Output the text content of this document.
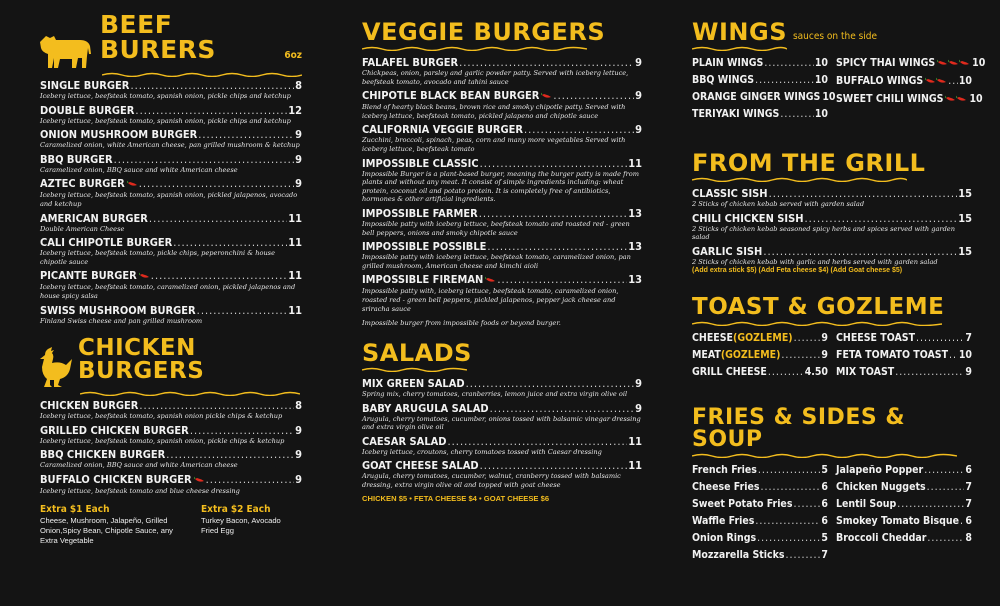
BEEF BURERS	6oz
SINGLE BURGER .....	8
Iceberg lettuce, beefsteak tomato, spanish onion, pickle chips and ketchup
DOUBLE BURGER .....	12
Iceberg lettuce, beefsteak tomato, spanish onion, pickle chips and ketchup
ONION MUSHROOM BURGER .....	9
Caramelized onion, white American cheese, pan grilled mushroom & ketchup
BBQ BURGER .....	9
Caramelized onion, BBQ sauce and white American cheese
AZTEC BURGER .....	9
Iceberg lettuce, beefsteak tomato, spanish onion, pickled jalapenos, avocado and ketchup
AMERICAN BURGER .....	11
Double American Cheese
CALI CHIPOTLE BURGER .....	11
Iceberg lettuce, beefsteak tomato, pickle chips, peperonchini & house chipotle sauce
PICANTE BURGER .....	11
Iceberg lettuce, beefsteak tomato, caramelized onion, pickled jalapenos and house spicy salsa
SWISS MUSHROOM BURGER .....	11
Finland Swiss cheese and pan grilled mushroom
CHICKEN BURGERS
CHICKEN BURGER .....	8
Iceberg lettuce, beefsteak tomato, spanish onion pickle chips & ketchup
GRILLED CHICKEN BURGER .....	9
Iceberg lettuce, beefsteak tomato, spanish onion, pickle chips & ketchup
BBQ CHICKEN BURGER .....	9
Caramelized onion, BBQ sauce and white American cheese
BUFFALO CHICKEN BURGER .....	9
Iceberg lettuce, beefsteak tomato and blue cheese dressing
Extra $1 Each

Cheese, Mushroom, Jalapeño, Grilled Onion,Spicy Bean, Chipotle Sauce, any Extra Vegetable

Extra $2 Each

Turkey Bacon, Avocado Fried Egg

VEGGIE BURGERS
FALAFEL BURGER .....	9
Chickpeas, onion, parsley and garlic powder patty. Served with iceberg lettuce, beefsteak tomato, avocado and tahini sauce
CHIPOTLE BLACK BEAN BURGER .....	9
Blend of hearty black beans, brown rice and smoky chipotle patty. Served with iceberg lettuce, beefsteak tomato, pickled jalapeno and chipotle sauce
CALIFORNIA VEGGIE BURGER .....	9
Zucchini, broccoli, spinach, peas, corn and many more vegetables Served with iceberg lettuce, beefsteak tomato
IMPOSSIBLE CLASSIC .....	11
Impossible Burger is a plant-based burger, meaning the burger patty is made from plants and without any meat. It consist of simple ingredients including: wheat protein, coconut oil and potato protein. It is completely free of antibiotics, hormones & other artificial ingredients.
IMPOSSIBLE FARMER .....	13
Impossible patty with iceberg lettuce, beefsteak tomato and roasted red - green bell peppers, onions and smoky chipotle sauce
IMPOSSIBLE POSSIBLE .....	13
Impossible patty with iceberg lettuce, beefsteak tomato, caramelized onion, pan grilled mushroom, American cheese and kimchi aioli
IMPOSSIBLE FIREMAN .....	13
Impossible patty with, iceberg lettuce, beefsteak tomato, caramelized onion, roasted red - green bell peppers, pickled jalapenos, pepper jack cheese and sriracha sauce
Impossible burger from impossible foods or beyond burger.
SALADS
MIX GREEN SALAD .....	9
Spring mix, cherry tomatoes, cranberries, lemon juice and extra virgin olive oil
BABY ARUGULA SALAD .....	9
Arugula, cherry tomatoes, cucumber, onions tossed with balsamic vinegar dressing and extra virgin olive oil
CAESAR SALAD .....	11
Iceberg lettuce, croutons, cherry tomatoes tossed with Caesar dressing
GOAT CHEESE SALAD .....	11
Arugula, cherry tomatoes, cucumber, walnut, cranberry tossed with balsamic dressing, extra virgin olive oil and topped with goat cheese
CHICKEN $5 • FETA CHEESE $4 • GOAT CHEESE $6
WINGS sauces on the side
PLAIN WINGS .....	10
BBQ WINGS .....	10
ORANGE GINGER WINGS 10
TERIYAKI WINGS .....	10
SPICY THAI WINGS	10
BUFFALO WINGS .....	10
SWEET CHILI WINGS 10
FROM THE GRILL
CLASSIC SISH .....	15
2 Sticks of chicken kebab served with garden salad
CHILI CHICKEN SISH .....	15
2 Sticks of chicken kebab seasoned spicy herbs and spices served with garden salad
GARLIC SISH .....	15
2 Sticks of chicken kebab with garlic and herbs served with garden salad
(Add extra stick $5) (Add Feta cheese $4) (Add Goat cheese $5)
TOAST & GOZLEME
CHEESE (GOZLEME) .....	9
MEAT (GOZLEME) .....	9
GRILL CHEESE .....	4.50
CHEESE TOAST .....	7
FETA TOMATO TOAST ..... 10
MIX TOAST .....	9
FRIES & SIDES & SOUP
French Fries .....	5
Cheese Fries .....	6
Sweet Potato Fries .....	6
Waffle Fries .....	6
Onion Rings .....	5
Mozzarella Sticks .....	7
Jalapeño Popper .....	6
Chicken Nuggets .....	7
Lentil Soup .....	7
Smokey Tomato Bisque ..... 6
Broccoli Cheddar .....	8
